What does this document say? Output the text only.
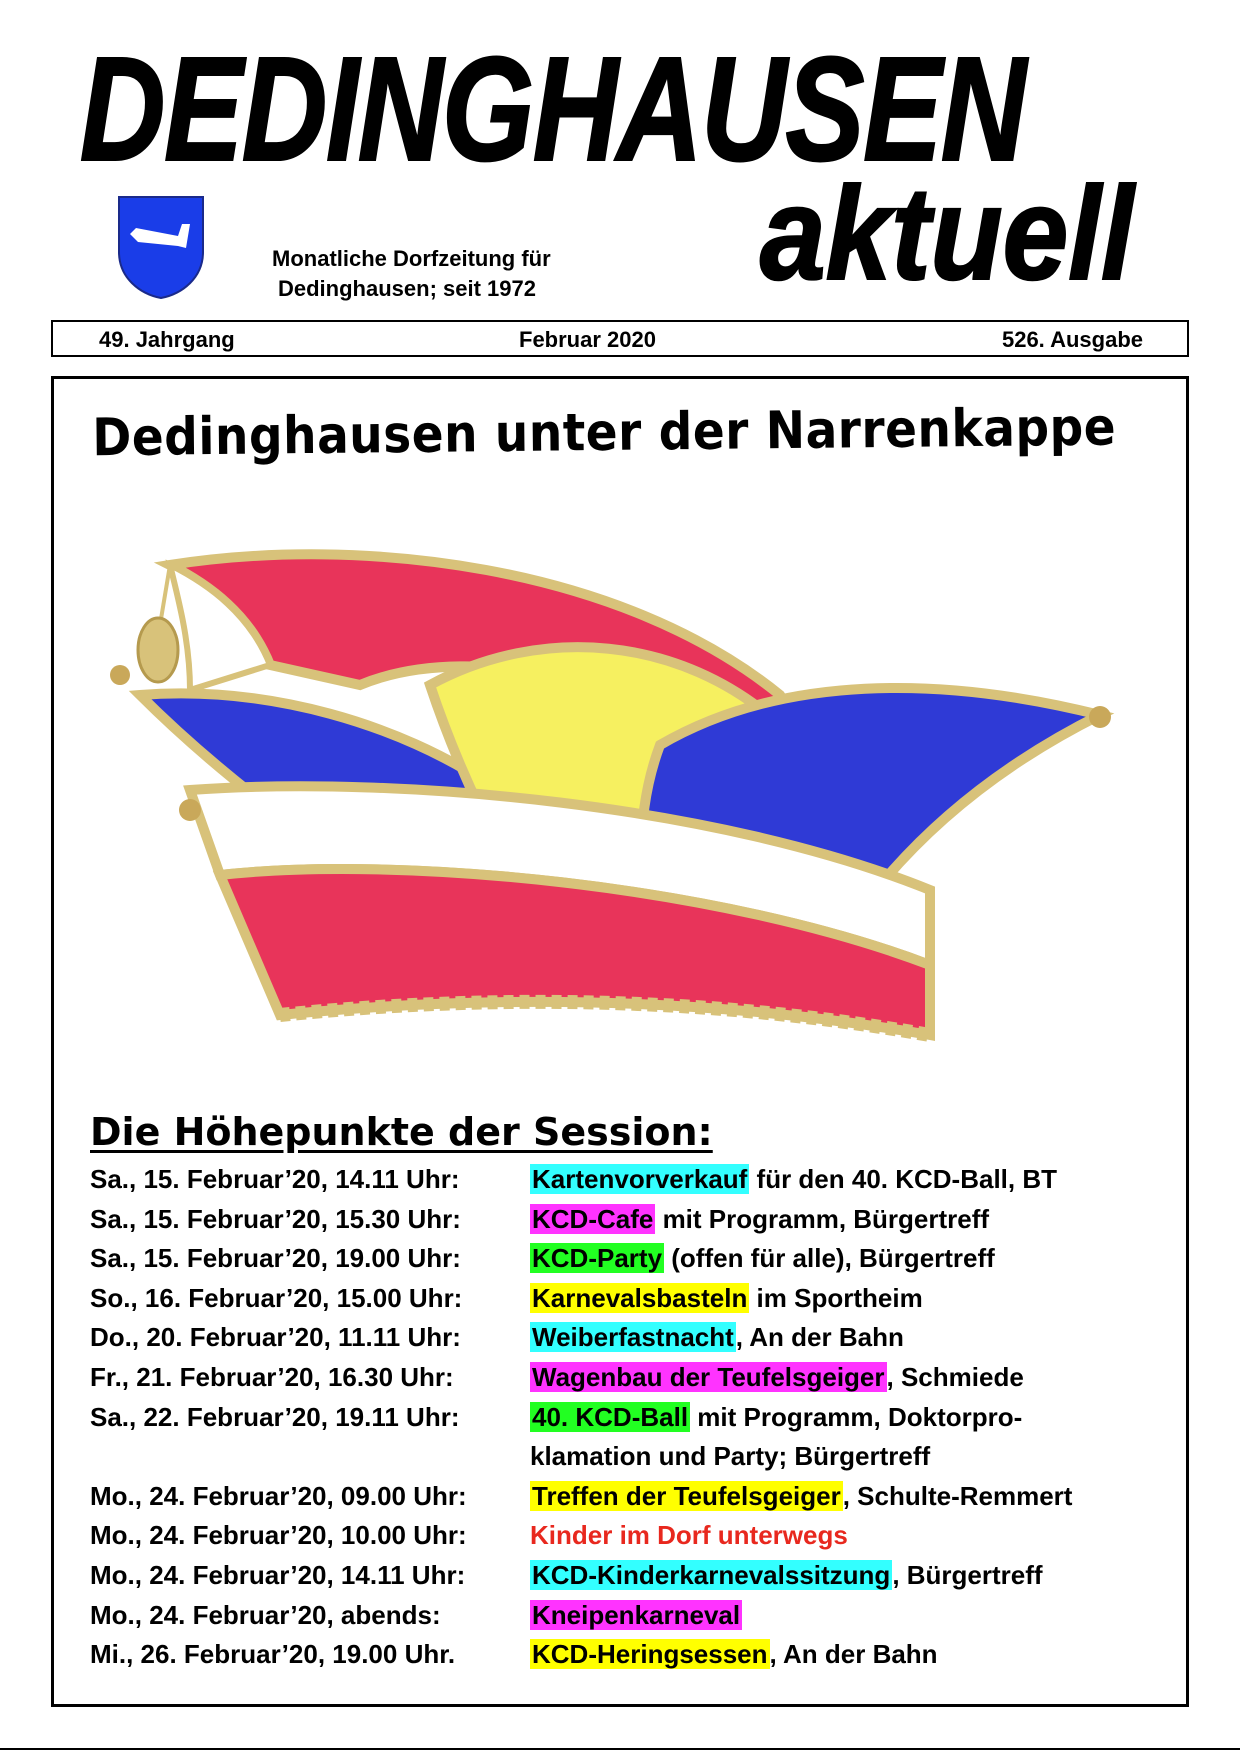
DEDINGHAUSEN
aktuell
Monatliche Dorfzeitung für
Dedinghausen; seit 1972
49. Jahrgang	Februar 2020	526. Ausgabe
Dedinghausen unter der Narrenkappe
Die Höhepunkte der Session:
Sa., 15. Februar’20, 14.11 Uhr:	Kartenvorverkauf für den 40. KCD-Ball, BT
Sa., 15. Februar’20, 15.30 Uhr:	KCD-Cafe mit Programm, Bürgertreff
Sa., 15. Februar’20, 19.00 Uhr:	KCD-Party (offen für alle), Bürgertreff
So., 16. Februar’20, 15.00 Uhr:	Karnevalsbasteln im Sportheim
Do., 20. Februar’20, 11.11 Uhr:	Weiberfastnacht, An der Bahn
Fr., 21. Februar’20, 16.30 Uhr:	Wagenbau der Teufelsgeiger, Schmiede
Sa., 22. Februar’20, 19.11 Uhr:	40. KCD-Ball mit Programm, Doktorpro-
klamation und Party; Bürgertreff
Mo., 24. Februar’20, 09.00 Uhr:	Treffen der Teufelsgeiger, Schulte-Remmert
Mo., 24. Februar’20, 10.00 Uhr:	Kinder im Dorf unterwegs
Mo., 24. Februar’20, 14.11 Uhr:	KCD-Kinderkarnevalssitzung, Bürgertreff
Mo., 24. Februar’20, abends:	Kneipenkarneval
Mi., 26. Februar’20, 19.00 Uhr.	KCD-Heringsessen, An der Bahn
